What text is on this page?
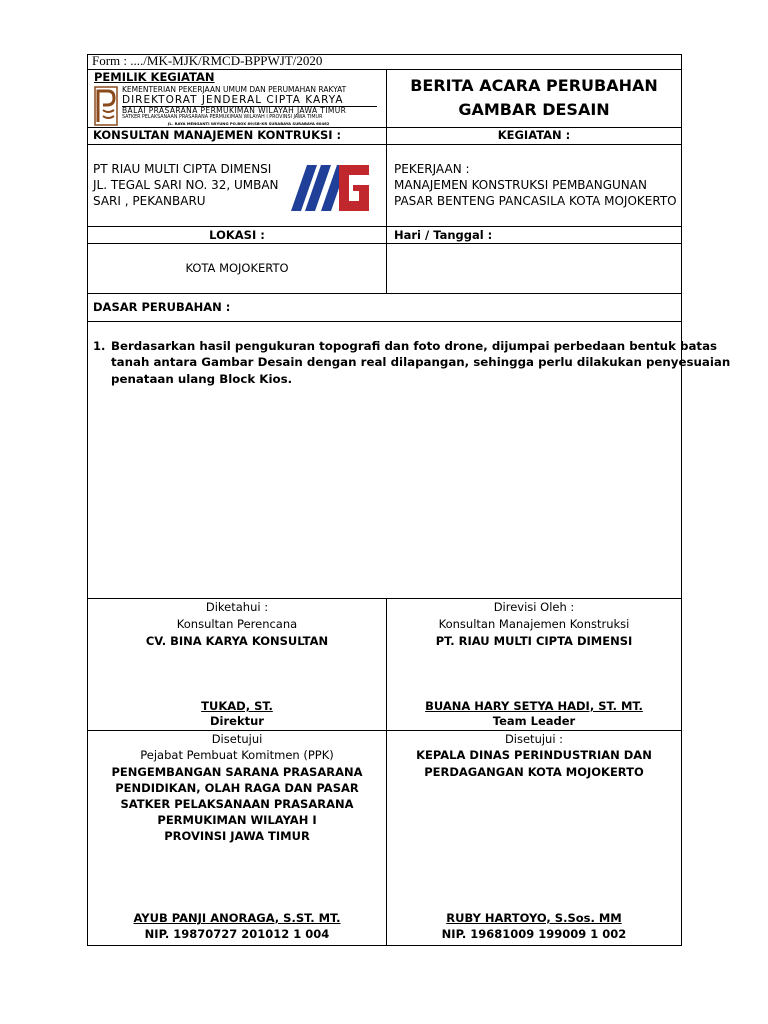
Form : ..../MK-MJK/RMCD-BPPWJT/2020
PEMILIK KEGIATAN
KEMENTERIAN PEKERJAAN UMUM DAN PERUMAHAN RAKYAT
DIREKTORAT JENDERAL CIPTA KARYA
BALAI PRASARANA PERMUKIMAN WILAYAH JAWA TIMUR
SATKER PELAKSANAAN PRASARANA PERMUKIMAN WILAYAH I PROVINSI JAWA TIMUR
JL. RAYA MENGANTI WIYUNG PO.BOX 89/SB-KR SURABAYA SURABAYA 60462
BERITA ACARA PERUBAHAN
GAMBAR DESAIN
KONSULTAN MANAJEMEN KONTRUKSI :	KEGIATAN :
PT RIAU MULTI CIPTA DIMENSI
JL. TEGAL SARI NO. 32, UMBAN
SARI , PEKANBARU
PEKERJAAN :
MANAJEMEN KONSTRUKSI PEMBANGUNAN
PASAR BENTENG PANCASILA KOTA MOJOKERTO
LOKASI :	Hari / Tanggal :
KOTA MOJOKERTO
DASAR PERUBAHAN :
1. Berdasarkan hasil pengukuran topografi dan foto drone, dijumpai perbedaan bentuk batas
tanah antara Gambar Desain dengan real dilapangan, sehingga perlu dilakukan penyesuaian
penataan ulang Block Kios.
Diketahui :
Konsultan Perencana
CV. BINA KARYA KONSULTAN
TUKAD, ST.
Direktur
Direvisi Oleh :
Konsultan Manajemen Konstruksi
PT. RIAU MULTI CIPTA DIMENSI
BUANA HARY SETYA HADI, ST. MT.
Team Leader
Disetujui
Pejabat Pembuat Komitmen (PPK)
PENGEMBANGAN SARANA PRASARANA
PENDIDIKAN, OLAH RAGA DAN PASAR
SATKER PELAKSANAAN PRASARANA
PERMUKIMAN WILAYAH I
PROVINSI JAWA TIMUR
AYUB PANJI ANORAGA, S.ST. MT.
NIP. 19870727 201012 1 004
Disetujui :
KEPALA DINAS PERINDUSTRIAN DAN
PERDAGANGAN KOTA MOJOKERTO
RUBY HARTOYO, S.Sos. MM
NIP. 19681009 199009 1 002
